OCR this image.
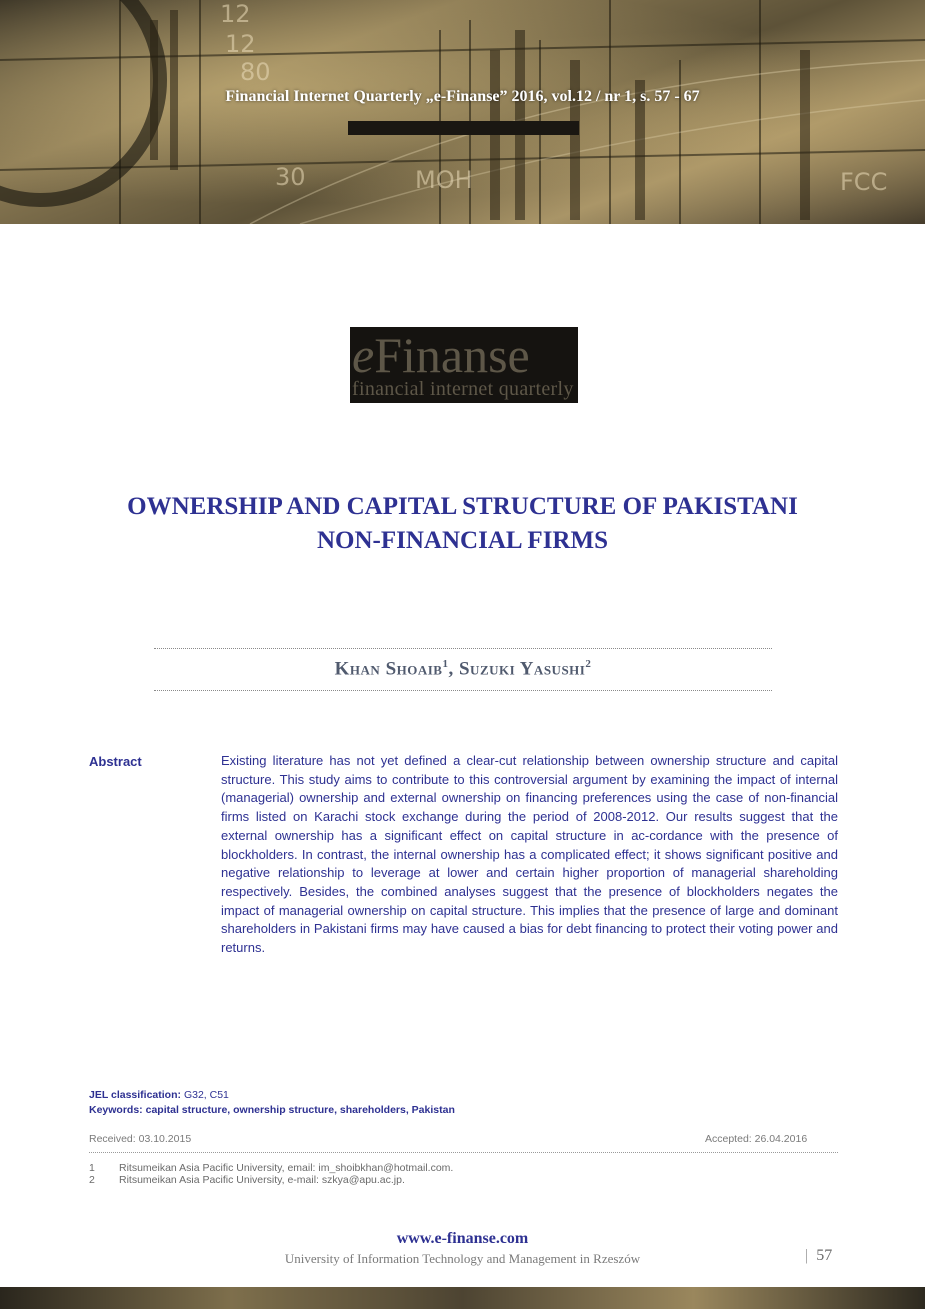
12
12
80
30	MOH	FCC
Financial Internet Quarterly „e-Finanse” 2016, vol.12 / nr 1, s. 57 - 67
eFinanse
financial internet quarterly
OWNERSHIP AND CAPITAL STRUCTURE OF PAKISTANI
NON-FINANCIAL FIRMS
Khan Shoaib$^1$, Suzuki Yasushi$^2$
Abstract	Existing literature has not yet defined a clear-cut relationship between ownership structure and capital structure. This study aims to contribute to this controversial argument by examining the impact of internal (managerial) ownership and external ownership on financing preferences using the case of non-financial firms listed on Karachi stock exchange during the period of 2008-2012. Our results suggest that the external ownership has a significant effect on capital structure in ac-cordance with the presence of blockholders. In contrast, the internal ownership has a complicated effect; it shows significant positive and negative relationship to leverage at lower and certain higher proportion of managerial shareholding respectively. Besides, the combined analyses suggest that the presence of blockholders negates the impact of managerial ownership on capital structure. This implies that the presence of large and dominant shareholders in Pakistani firms may have caused a bias for debt financing to protect their voting power and returns.
JEL classification: G32, C51
Keywords: capital structure, ownership structure, shareholders, Pakistan
Received: 03.10.2015	Accepted: 26.04.2016
1 Ritsumeikan Asia Pacific University, email: im_shoibkhan@hotmail.com.
2 Ritsumeikan Asia Pacific University, e-mail: szkya@apu.ac.jp.
www.e-finanse.com
University of Information Technology and Management in Rzeszów	| 57
